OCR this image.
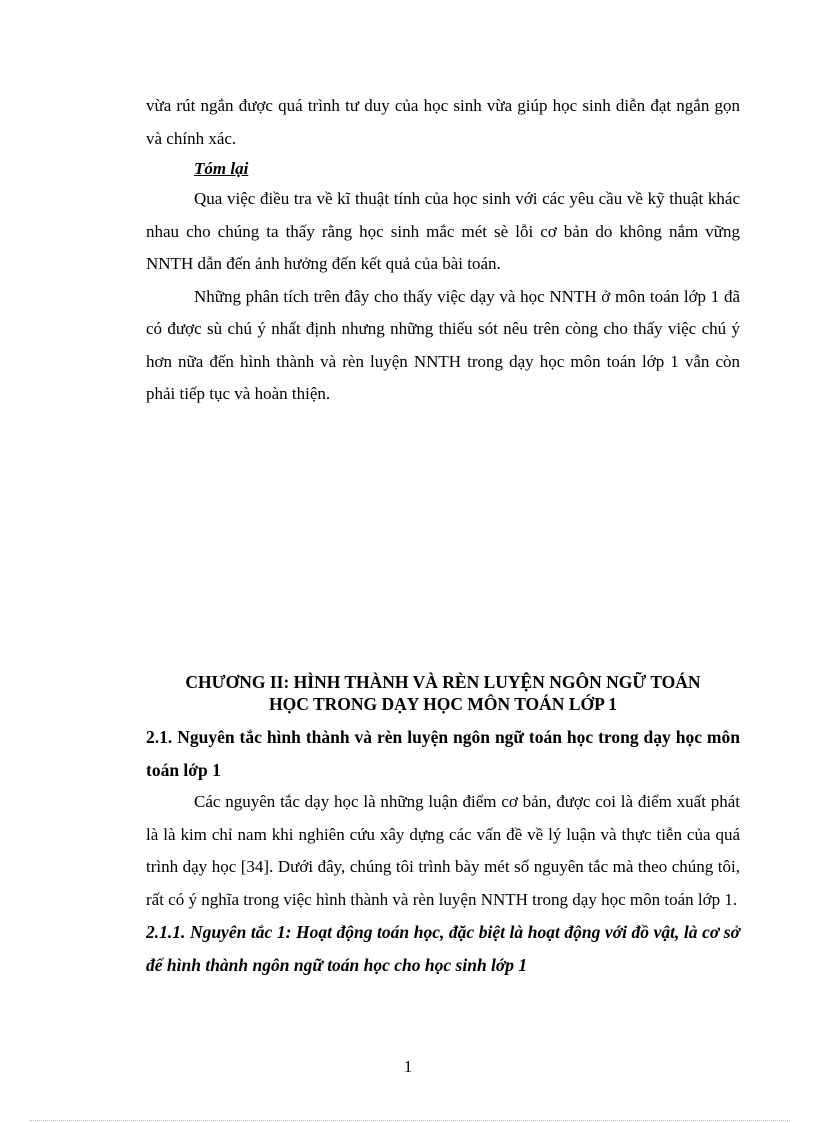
vừa rút ngắn được quá trình tư duy của học sinh vừa giúp học sinh diễn đạt ngắn gọn và chính xác.

Tóm lại

Qua việc điều tra về kĩ thuật tính của học sinh với các yêu cầu về kỹ thuật khác nhau cho chúng ta thấy rằng học sinh mắc mét sè lỗi cơ bản do không nắm vững NNTH dẫn đến ảnh hưởng đến kết quả của bài toán.

Những phân tích trên đây cho thấy việc dạy và học NNTH ở môn toán lớp 1 đã có được sù chú ý nhất định nhưng những thiếu sót nêu trên còng cho thấy việc chú ý hơn nữa đến hình thành và rèn luyện NNTH trong dạy học môn toán lớp 1 vẫn còn phải tiếp tục và hoàn thiện.

CHƯƠNG II: HÌNH THÀNH VÀ RÈN LUYỆN NGÔN NGỮ TOÁN
HỌC TRONG DẠY HỌC MÔN TOÁN LỚP 1

2.1. Nguyên tắc hình thành và rèn luyện ngôn ngữ toán học trong dạy học môn toán lớp 1

Các nguyên tắc dạy học là những luận điểm cơ bản, được coi là điểm xuất phát là là kim chỉ nam khi nghiên cứu xây dựng các vấn đề về lý luận và thực tiễn của quá trình dạy học [34]. Dưới đây, chúng tôi trình bày mét số nguyên tắc mà theo chúng tôi, rất có ý nghĩa trong việc hình thành và rèn luyện NNTH trong dạy học môn toán lớp 1.

2.1.1. Nguyên tắc 1: Hoạt động toán học, đặc biệt là hoạt động với đồ vật, là cơ sở để hình thành ngôn ngữ toán học cho học sinh lớp 1

1
